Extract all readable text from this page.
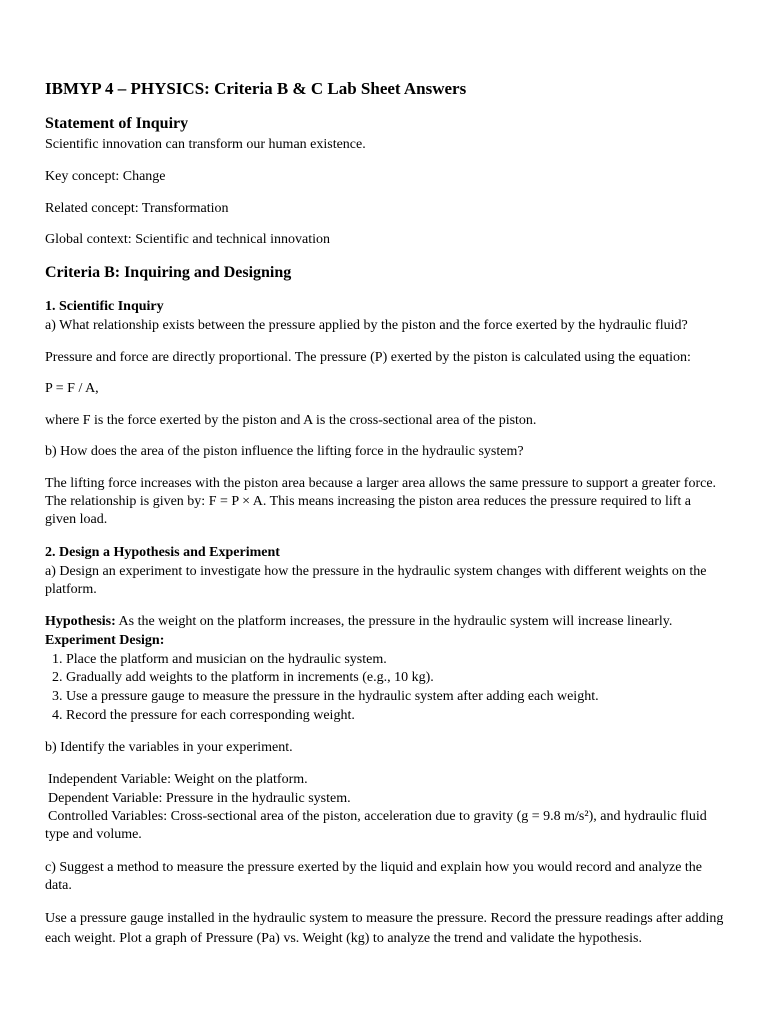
IBMYP 4 – PHYSICS: Criteria B & C Lab Sheet Answers
Statement of Inquiry

Scientific innovation can transform our human existence.

Key concept: Change

Related concept: Transformation

Global context: Scientific and technical innovation

Criteria B: Inquiring and Designing
1. Scientific Inquiry

a) What relationship exists between the pressure applied by the piston and the force exerted by the hydraulic fluid?

Pressure and force are directly proportional. The pressure (P) exerted by the piston is calculated using the equation:

P = F / A,

where F is the force exerted by the piston and A is the cross-sectional area of the piston.

b) How does the area of the piston influence the lifting force in the hydraulic system?

The lifting force increases with the piston area because a larger area allows the same pressure to support a greater force. The relationship is given by: F = P × A. This means increasing the piston area reduces the pressure required to lift a given load.

2. Design a Hypothesis and Experiment

a) Design an experiment to investigate how the pressure in the hydraulic system changes with different weights on the platform.

Hypothesis: As the weight on the platform increases, the pressure in the hydraulic system will increase linearly.

Experiment Design:
1. Place the platform and musician on the hydraulic system.
2. Gradually add weights to the platform in increments (e.g., 10 kg).
3. Use a pressure gauge to measure the pressure in the hydraulic system after adding each weight.
4. Record the pressure for each corresponding weight.

b) Identify the variables in your experiment.

Independent Variable: Weight on the platform.
Dependent Variable: Pressure in the hydraulic system.

Controlled Variables: Cross-sectional area of the piston, acceleration due to gravity (g = 9.8 m/s²), and hydraulic fluid type and volume.

c) Suggest a method to measure the pressure exerted by the liquid and explain how you would record and analyze the data.

Use a pressure gauge installed in the hydraulic system to measure the pressure. Record the pressure readings after adding each weight. Plot a graph of Pressure (Pa) vs. Weight (kg) to analyze the trend and validate the hypothesis.
